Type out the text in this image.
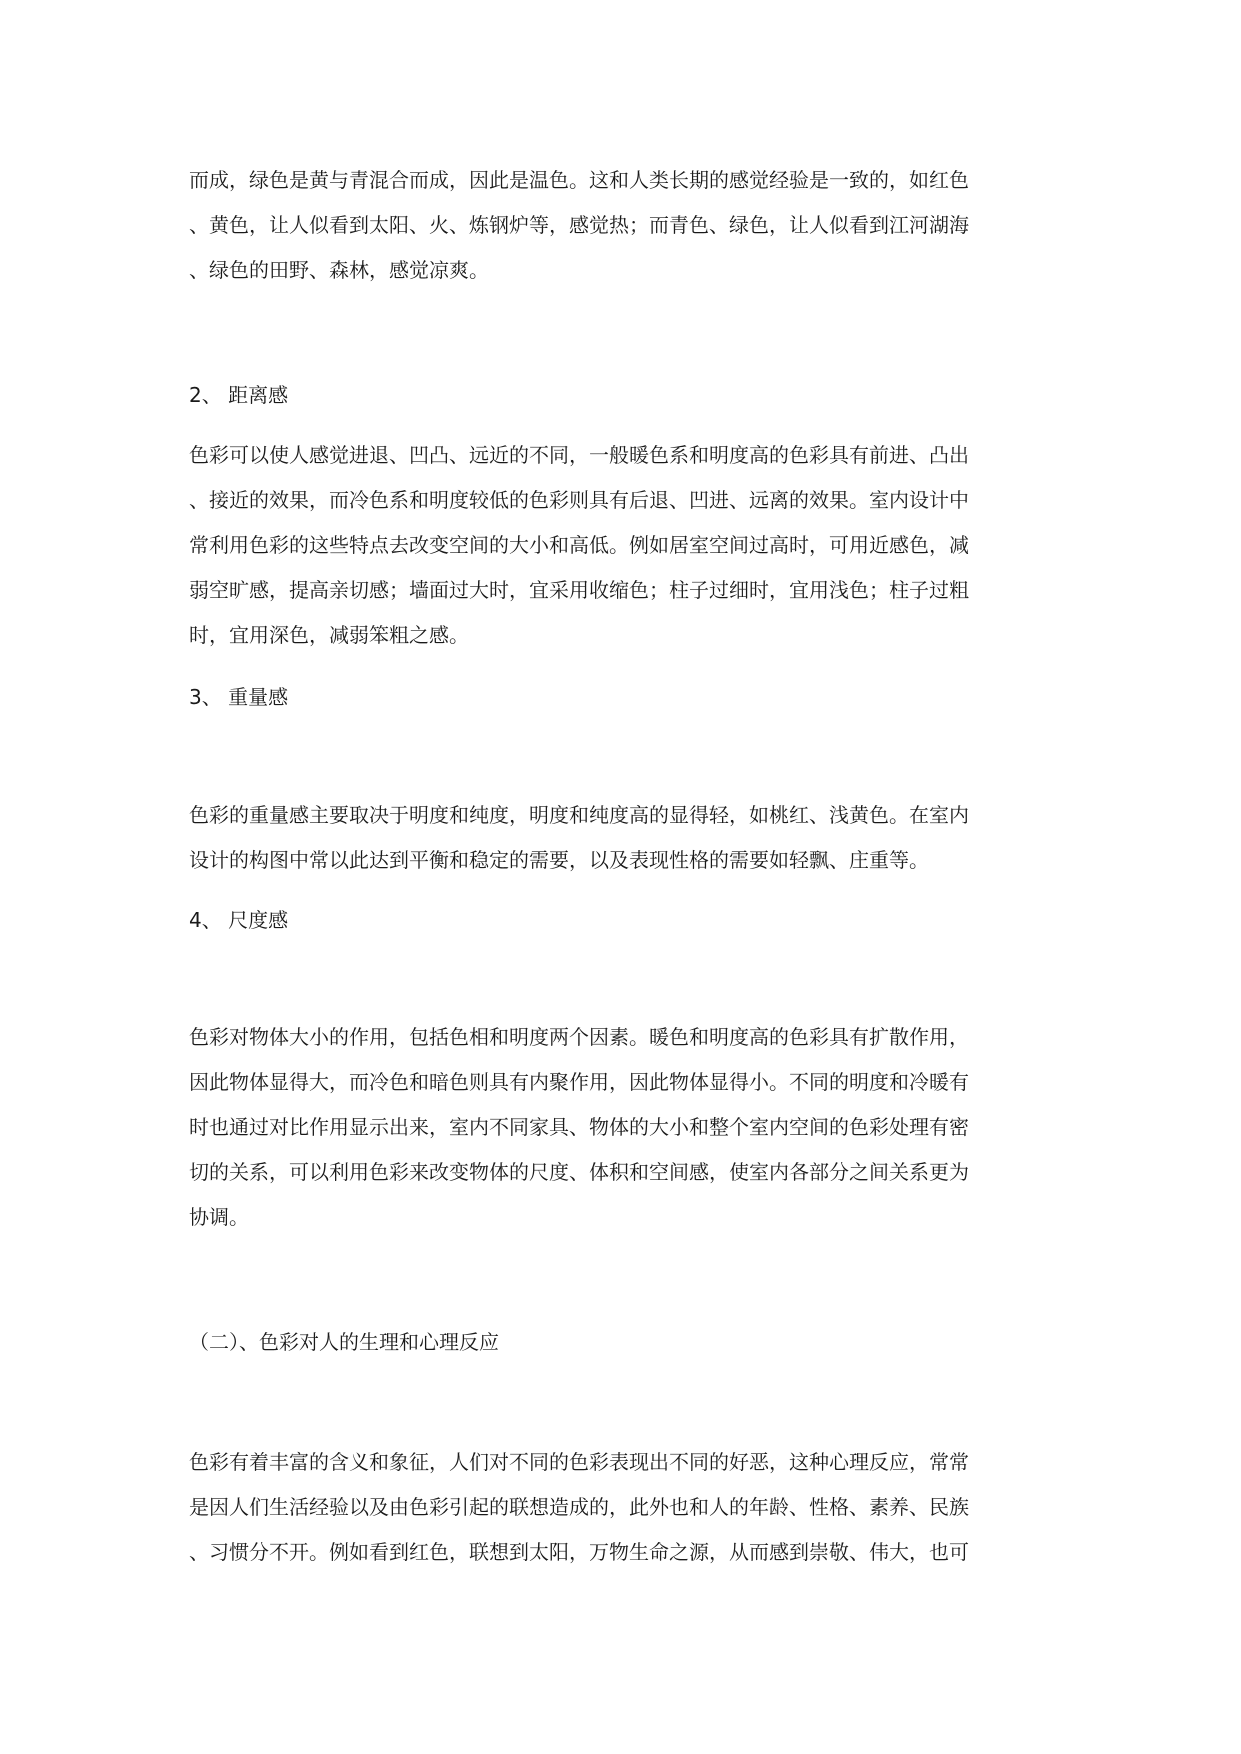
而成，绿色是黄与青混合而成，因此是温色。这和人类长期的感觉经验是一致的，如红色
、黄色，让人似看到太阳、火、炼钢炉等，感觉热；而青色、绿色，让人似看到江河湖海
、绿色的田野、森林，感觉凉爽。
2、 距离感
色彩可以使人感觉进退、凹凸、远近的不同，一般暖色系和明度高的色彩具有前进、凸出
、接近的效果，而冷色系和明度较低的色彩则具有后退、凹进、远离的效果。室内设计中
常利用色彩的这些特点去改变空间的大小和高低。例如居室空间过高时，可用近感色，减
弱空旷感，提高亲切感；墙面过大时，宜采用收缩色；柱子过细时，宜用浅色；柱子过粗
时，宜用深色，减弱笨粗之感。
3、 重量感
色彩的重量感主要取决于明度和纯度，明度和纯度高的显得轻，如桃红、浅黄色。在室内
设计的构图中常以此达到平衡和稳定的需要，以及表现性格的需要如轻飘、庄重等。
4、 尺度感
色彩对物体大小的作用，包括色相和明度两个因素。暖色和明度高的色彩具有扩散作用，
因此物体显得大，而冷色和暗色则具有内聚作用，因此物体显得小。不同的明度和冷暖有
时也通过对比作用显示出来，室内不同家具、物体的大小和整个室内空间的色彩处理有密
切的关系，可以利用色彩来改变物体的尺度、体积和空间感，使室内各部分之间关系更为
协调。
（二）、色彩对人的生理和心理反应
色彩有着丰富的含义和象征，人们对不同的色彩表现出不同的好恶，这种心理反应，常常
是因人们生活经验以及由色彩引起的联想造成的，此外也和人的年龄、性格、素养、民族
、习惯分不开。例如看到红色，联想到太阳，万物生命之源，从而感到崇敬、伟大，也可
